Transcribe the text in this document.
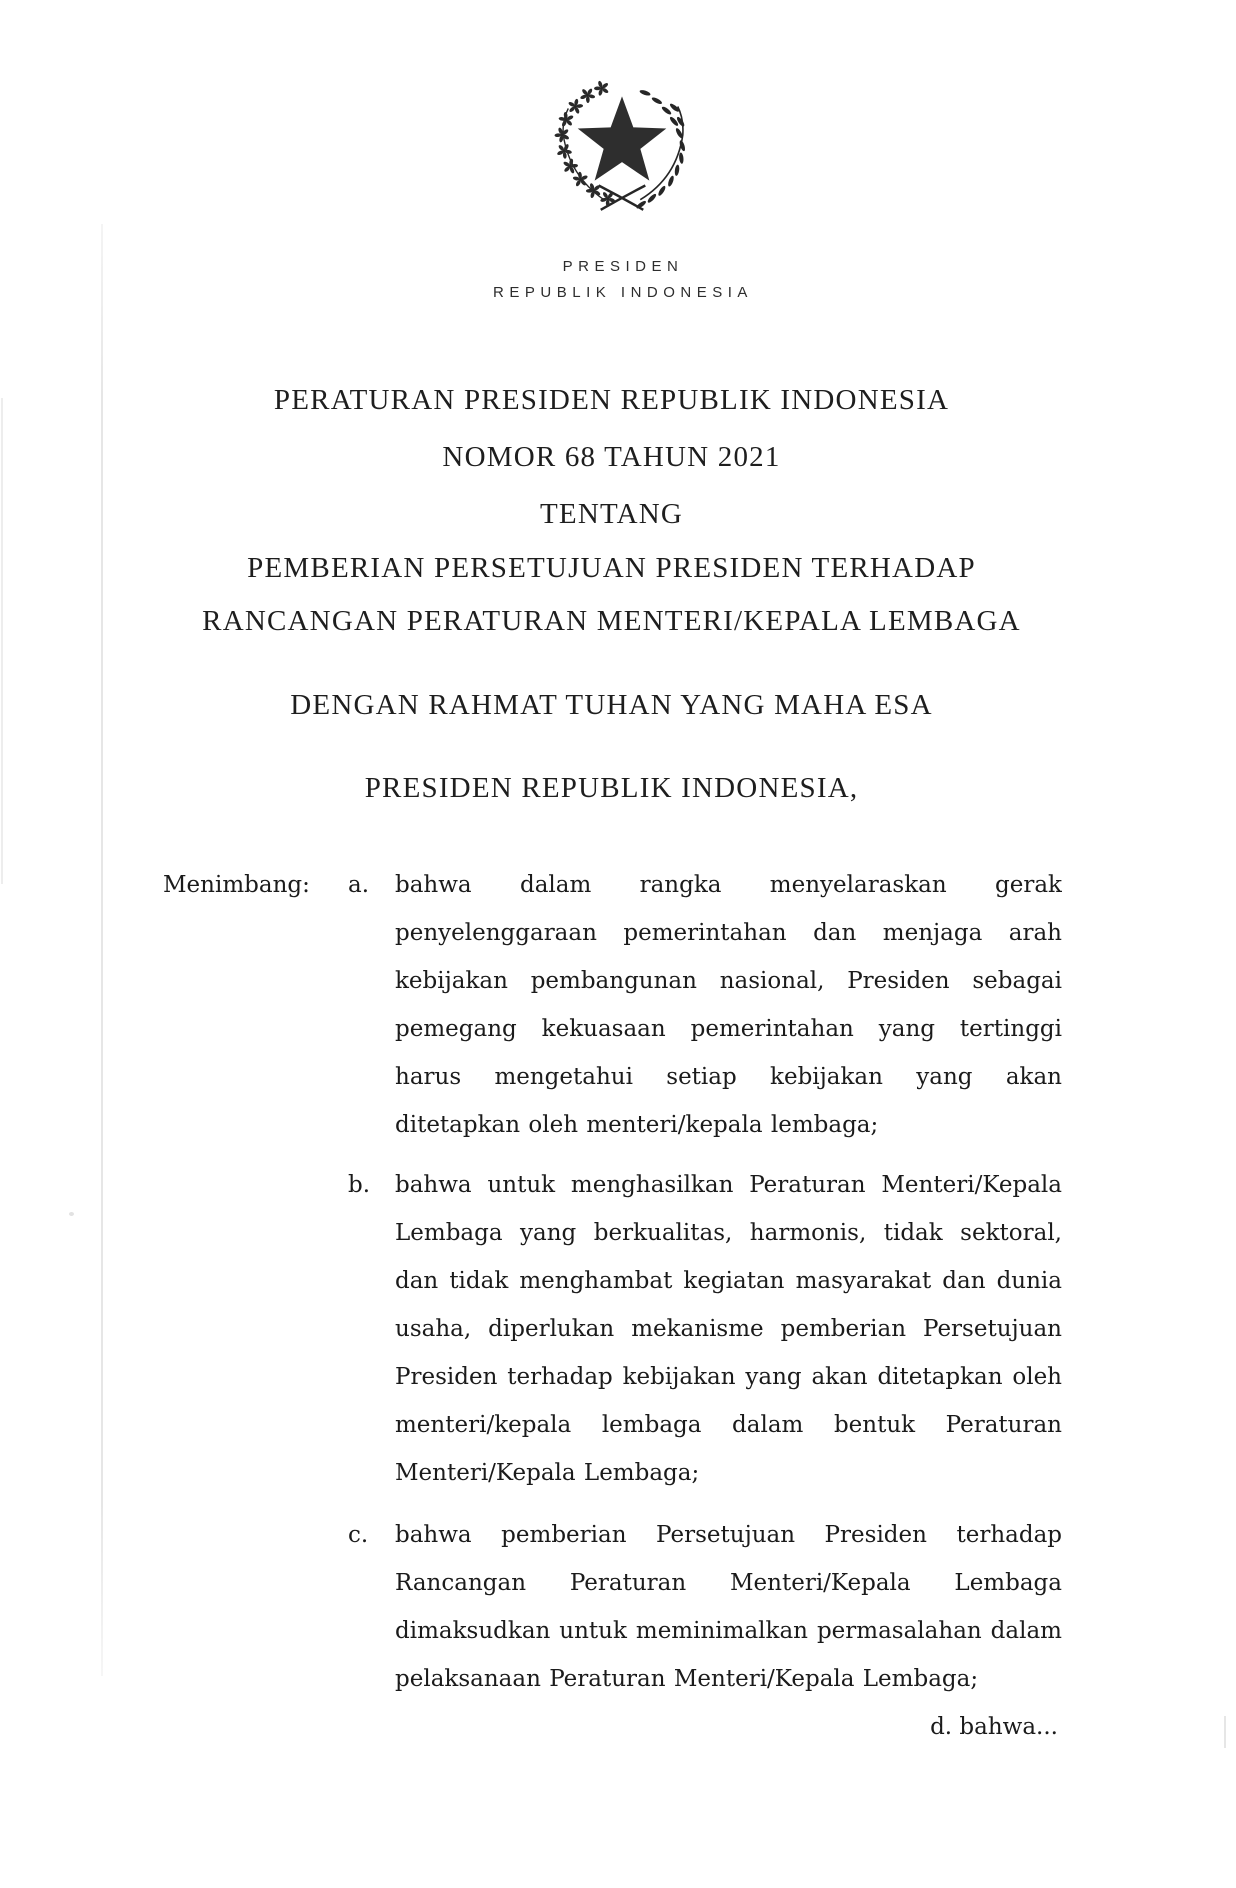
PRESIDEN
REPUBLIK INDONESIA
PERATURAN PRESIDEN REPUBLIK INDONESIA
NOMOR 68 TAHUN 2021
TENTANG
PEMBERIAN PERSETUJUAN PRESIDEN TERHADAP
RANCANGAN PERATURAN MENTERI/KEPALA LEMBAGA
DENGAN RAHMAT TUHAN YANG MAHA ESA
PRESIDEN REPUBLIK INDONESIA,
Menimbang: a. bahwa dalam rangka menyelaraskan gerak
penyelenggaraan pemerintahan dan menjaga arah
kebijakan pembangunan nasional, Presiden sebagai
pemegang kekuasaan pemerintahan yang tertinggi
harus mengetahui setiap kebijakan yang akan
ditetapkan oleh menteri/kepala lembaga;
b. bahwa untuk menghasilkan Peraturan Menteri/Kepala
Lembaga yang berkualitas, harmonis, tidak sektoral,
dan tidak menghambat kegiatan masyarakat dan dunia
usaha, diperlukan mekanisme pemberian Persetujuan
Presiden terhadap kebijakan yang akan ditetapkan oleh
menteri/kepala lembaga dalam bentuk Peraturan
Menteri/Kepala Lembaga;
c. bahwa pemberian Persetujuan Presiden terhadap
Rancangan Peraturan Menteri/Kepala Lembaga
dimaksudkan untuk meminimalkan permasalahan dalam
pelaksanaan Peraturan Menteri/Kepala Lembaga;
d. bahwa...
